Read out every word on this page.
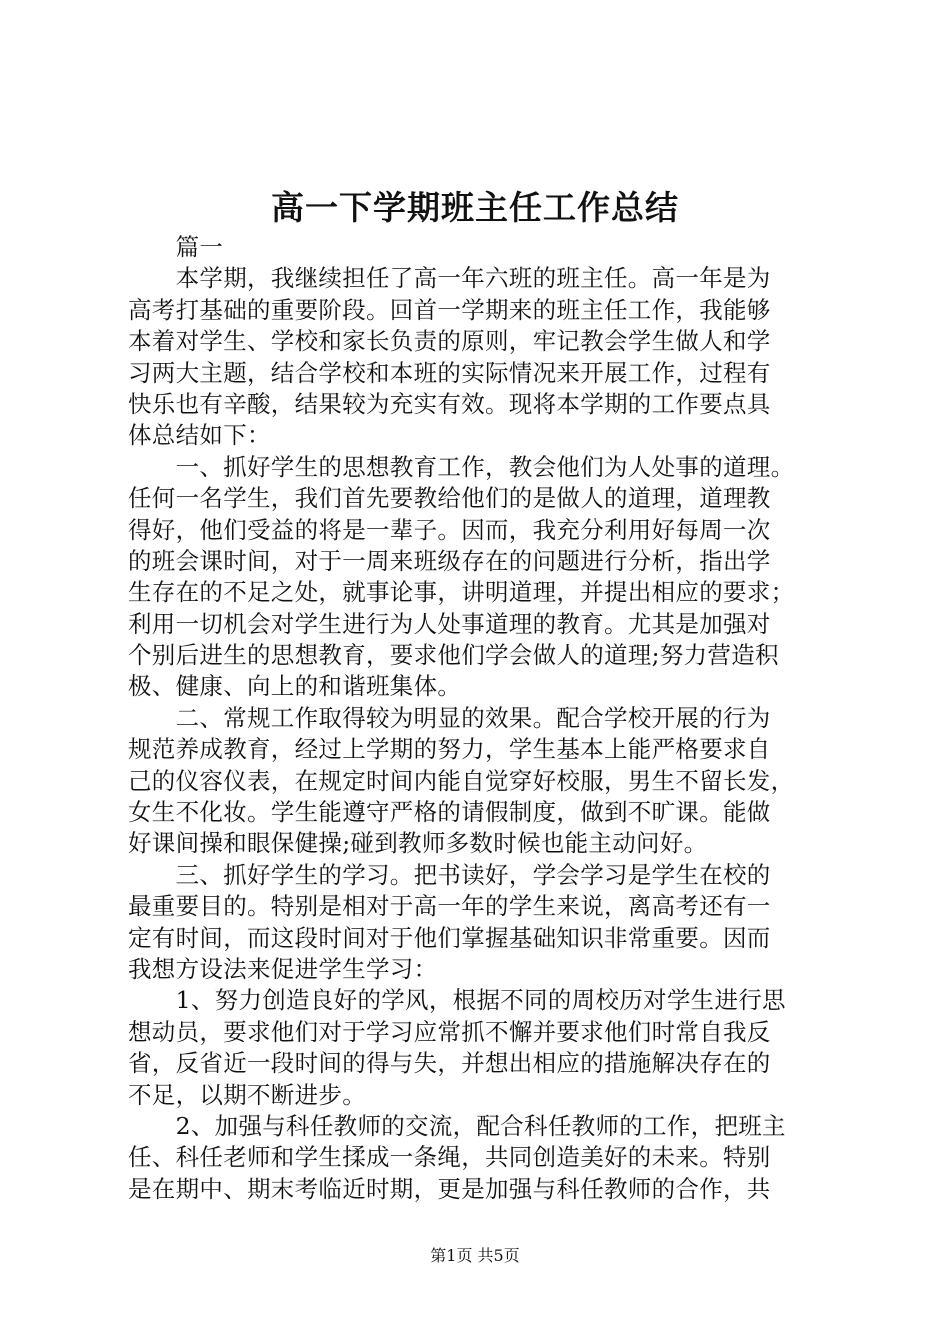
高一下学期班主任工作总结
　　篇一
　　本学期，我继续担任了高一年六班的班主任。高一年是为
高考打基础的重要阶段。回首一学期来的班主任工作，我能够
本着对学生、学校和家长负责的原则，牢记教会学生做人和学
习两大主题，结合学校和本班的实际情况来开展工作，过程有
快乐也有辛酸，结果较为充实有效。现将本学期的工作要点具
体总结如下：
　　一、抓好学生的思想教育工作，教会他们为人处事的道理。
任何一名学生，我们首先要教给他们的是做人的道理，道理教
得好，他们受益的将是一辈子。因而，我充分利用好每周一次
的班会课时间，对于一周来班级存在的问题进行分析，指出学
生存在的不足之处，就事论事，讲明道理，并提出相应的要求；
利用一切机会对学生进行为人处事道理的教育。尤其是加强对
个别后进生的思想教育，要求他们学会做人的道理;努力营造积
极、健康、向上的和谐班集体。
　　二、常规工作取得较为明显的效果。配合学校开展的行为
规范养成教育，经过上学期的努力，学生基本上能严格要求自
己的仪容仪表，在规定时间内能自觉穿好校服，男生不留长发，
女生不化妆。学生能遵守严格的请假制度，做到不旷课。能做
好课间操和眼保健操;碰到教师多数时候也能主动问好。
　　三、抓好学生的学习。把书读好，学会学习是学生在校的
最重要目的。特别是相对于高一年的学生来说，离高考还有一
定有时间，而这段时间对于他们掌握基础知识非常重要。因而
我想方设法来促进学生学习：
　　1、努力创造良好的学风，根据不同的周校历对学生进行思
想动员，要求他们对于学习应常抓不懈并要求他们时常自我反
省，反省近一段时间的得与失，并想出相应的措施解决存在的
不足，以期不断进步。
　　2、加强与科任教师的交流，配合科任教师的工作，把班主
任、科任老师和学生揉成一条绳，共同创造美好的未来。特别
是在期中、期末考临近时期，更是加强与科任教师的合作，共
第1页 共5页
